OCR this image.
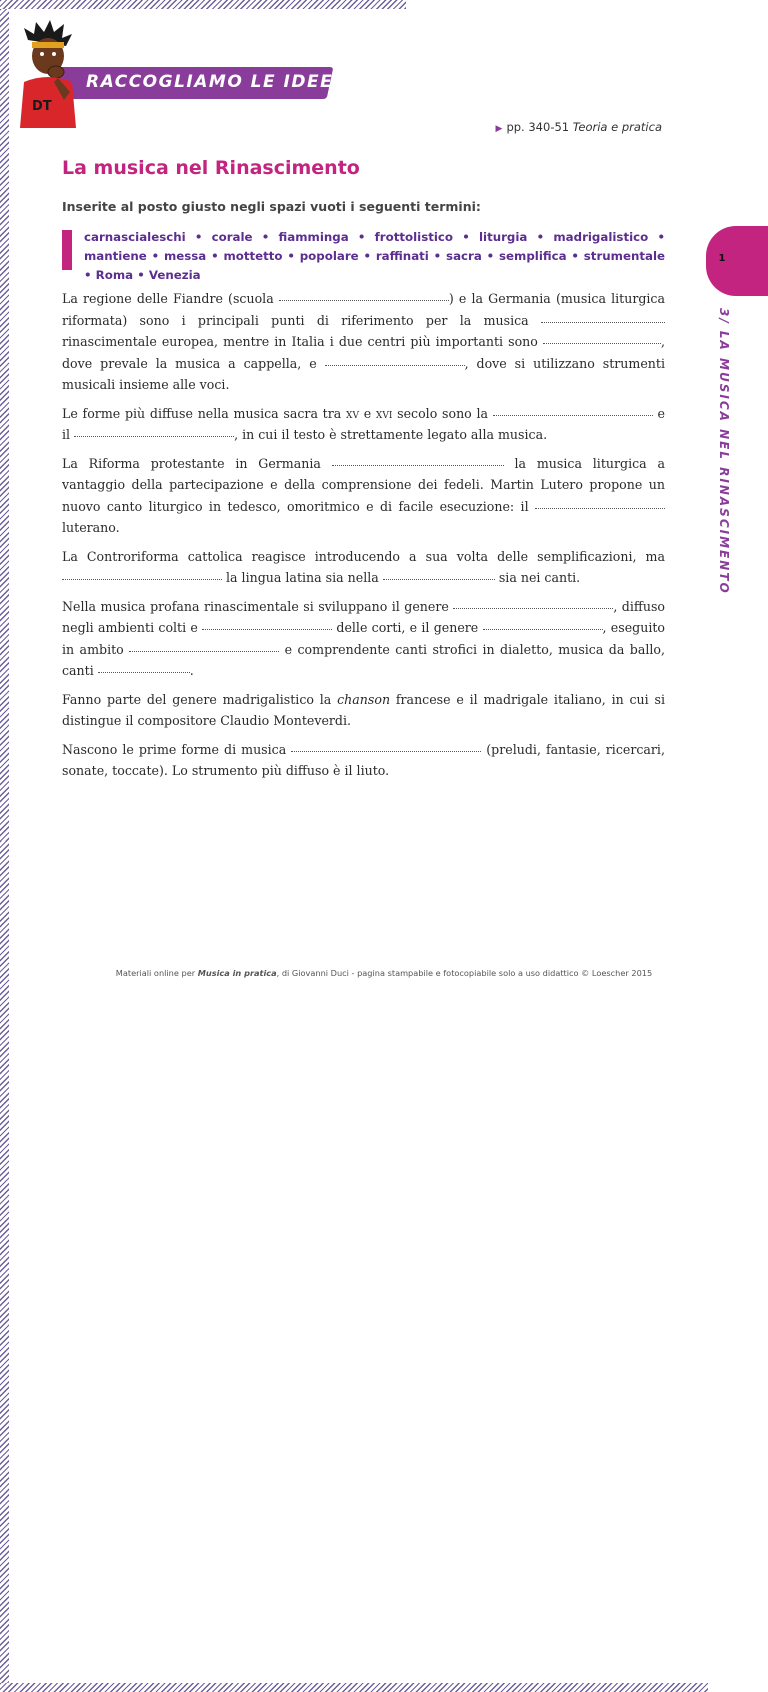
RACCOGLIAMO LE IDEE
DT
▶ pp. 340-51 Teoria e pratica
La musica nel Rinascimento
Inserite al posto giusto negli spazi vuoti i seguenti termini:
carnascialeschi • corale • fiamminga • frottolistico • liturgia • madrigalistico • mantiene • messa • mottetto • popolare • raffinati • sacra • semplifica • strumentale • Roma • Venezia
1
3/ LA MUSICA NEL RINASCIMENTO

La regione delle Fiandre (scuola	) e la Germania (musica liturgica riformata) sono i principali punti di riferimento per la musica  rinascimentale europea, mentre in Italia i due centri più importanti sono	, dove prevale la musica a cappella, e	, dove si utilizzano strumenti musicali insieme alle voci.

Le forme più diffuse nella musica sacra tra xv e xvi secolo sono la	e il	, in cui il testo è strettamente legato alla musica.

La Riforma protestante in Germania	la musica liturgica a vantaggio della partecipazione e della comprensione dei fedeli. Martin Lutero propone un nuovo canto liturgico in tedesco, omoritmico e di facile esecuzione: il  luterano.

La Controriforma cattolica reagisce introducendo a sua volta delle semplificazioni, ma  la lingua latina sia nella	sia nei canti.

Nella musica profana rinascimentale si sviluppano il genere	, diffuso negli ambienti colti e	delle corti, e il genere	, eseguito in ambito	e comprendente canti strofici in dialetto, musica da ballo, canti	.

Fanno parte del genere madrigalistico la chanson francese e il madrigale italiano, in cui si distingue il compositore Claudio Monteverdi.

Nascono le prime forme di musica	(preludi, fantasie, ricercari, sonate, toccate). Lo strumento più diffuso è il liuto.

Materiali online per Musica in pratica, di Giovanni Duci - pagina stampabile e fotocopiabile solo a uso didattico © Loescher 2015
